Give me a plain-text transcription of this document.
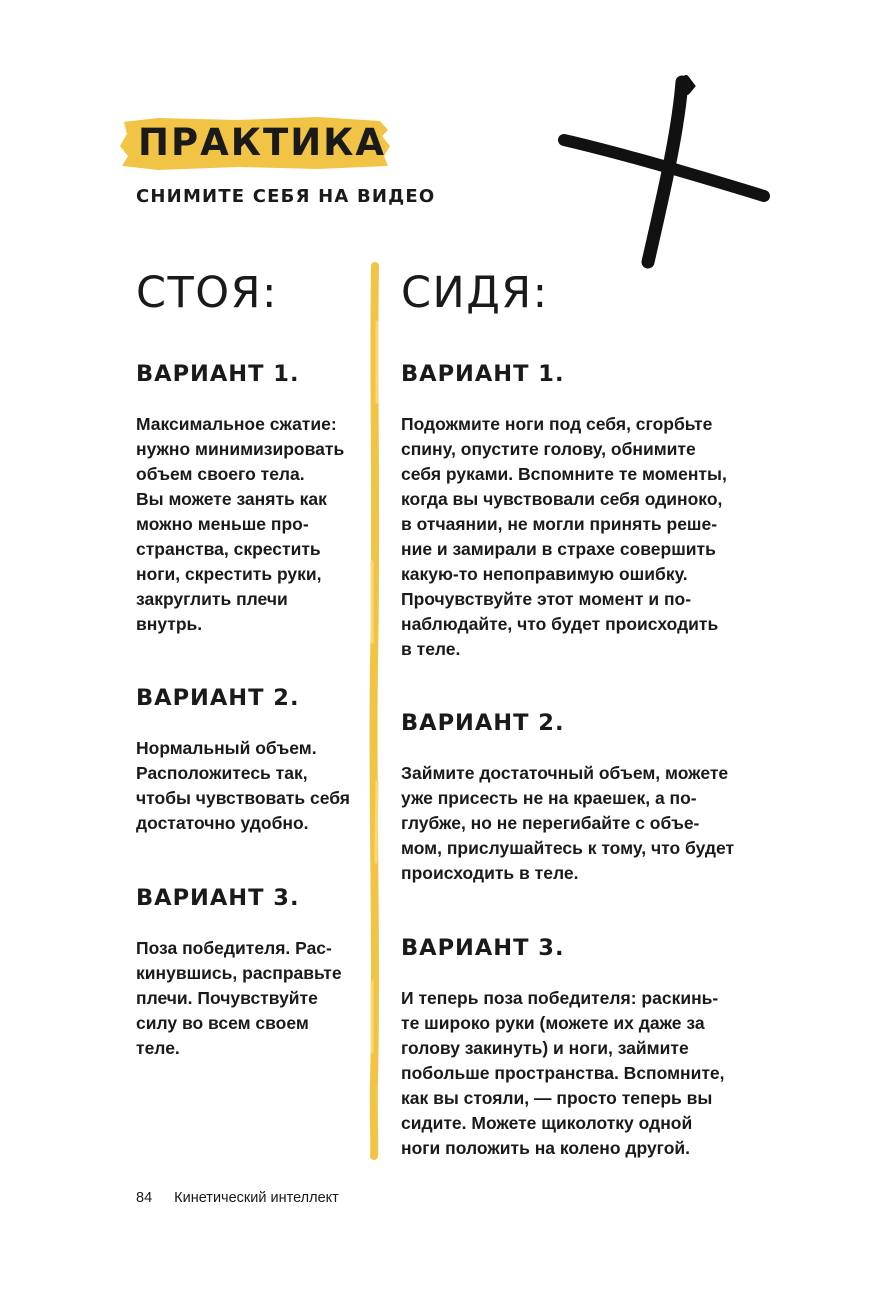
ПРАКТИКА
СНИМИТЕ СЕБЯ НА ВИДЕО
СТОЯ:
ВАРИАНТ 1.

Максимальное сжатие:
нужно минимизировать
объем своего тела.
Вы можете занять как
можно меньше про-
странства, скрестить
ноги, скрестить руки,
закруглить плечи
внутрь.

ВАРИАНТ 2.

Нормальный объем.
Расположитесь так,
чтобы чувствовать себя
достаточно удобно.

ВАРИАНТ 3.

Поза победителя. Рас-
кинувшись, расправьте
плечи. Почувствуйте
силу во всем своем
теле.

СИДЯ:
ВАРИАНТ 1.

Подожмите ноги под себя, сгорбьте
спину, опустите голову, обнимите
себя руками. Вспомните те моменты,
когда вы чувствовали себя одиноко,
в отчаянии, не могли принять реше-
ние и замирали в страхе совершить
какую-то непоправимую ошибку.
Прочувствуйте этот момент и по-
наблюдайте, что будет происходить
в теле.

ВАРИАНТ 2.

Займите достаточный объем, можете
уже присесть не на краешек, а по-
глубже, но не перегибайте с объе-
мом, прислушайтесь к тому, что будет
происходить в теле.

ВАРИАНТ 3.

И теперь поза победителя: раскинь-
те широко руки (можете их даже за
голову закинуть) и ноги, займите
побольше пространства. Вспомните,
как вы стояли, — просто теперь вы
сидите. Можете щиколотку одной
ноги положить на колено другой.

84 Кинетический интеллект
